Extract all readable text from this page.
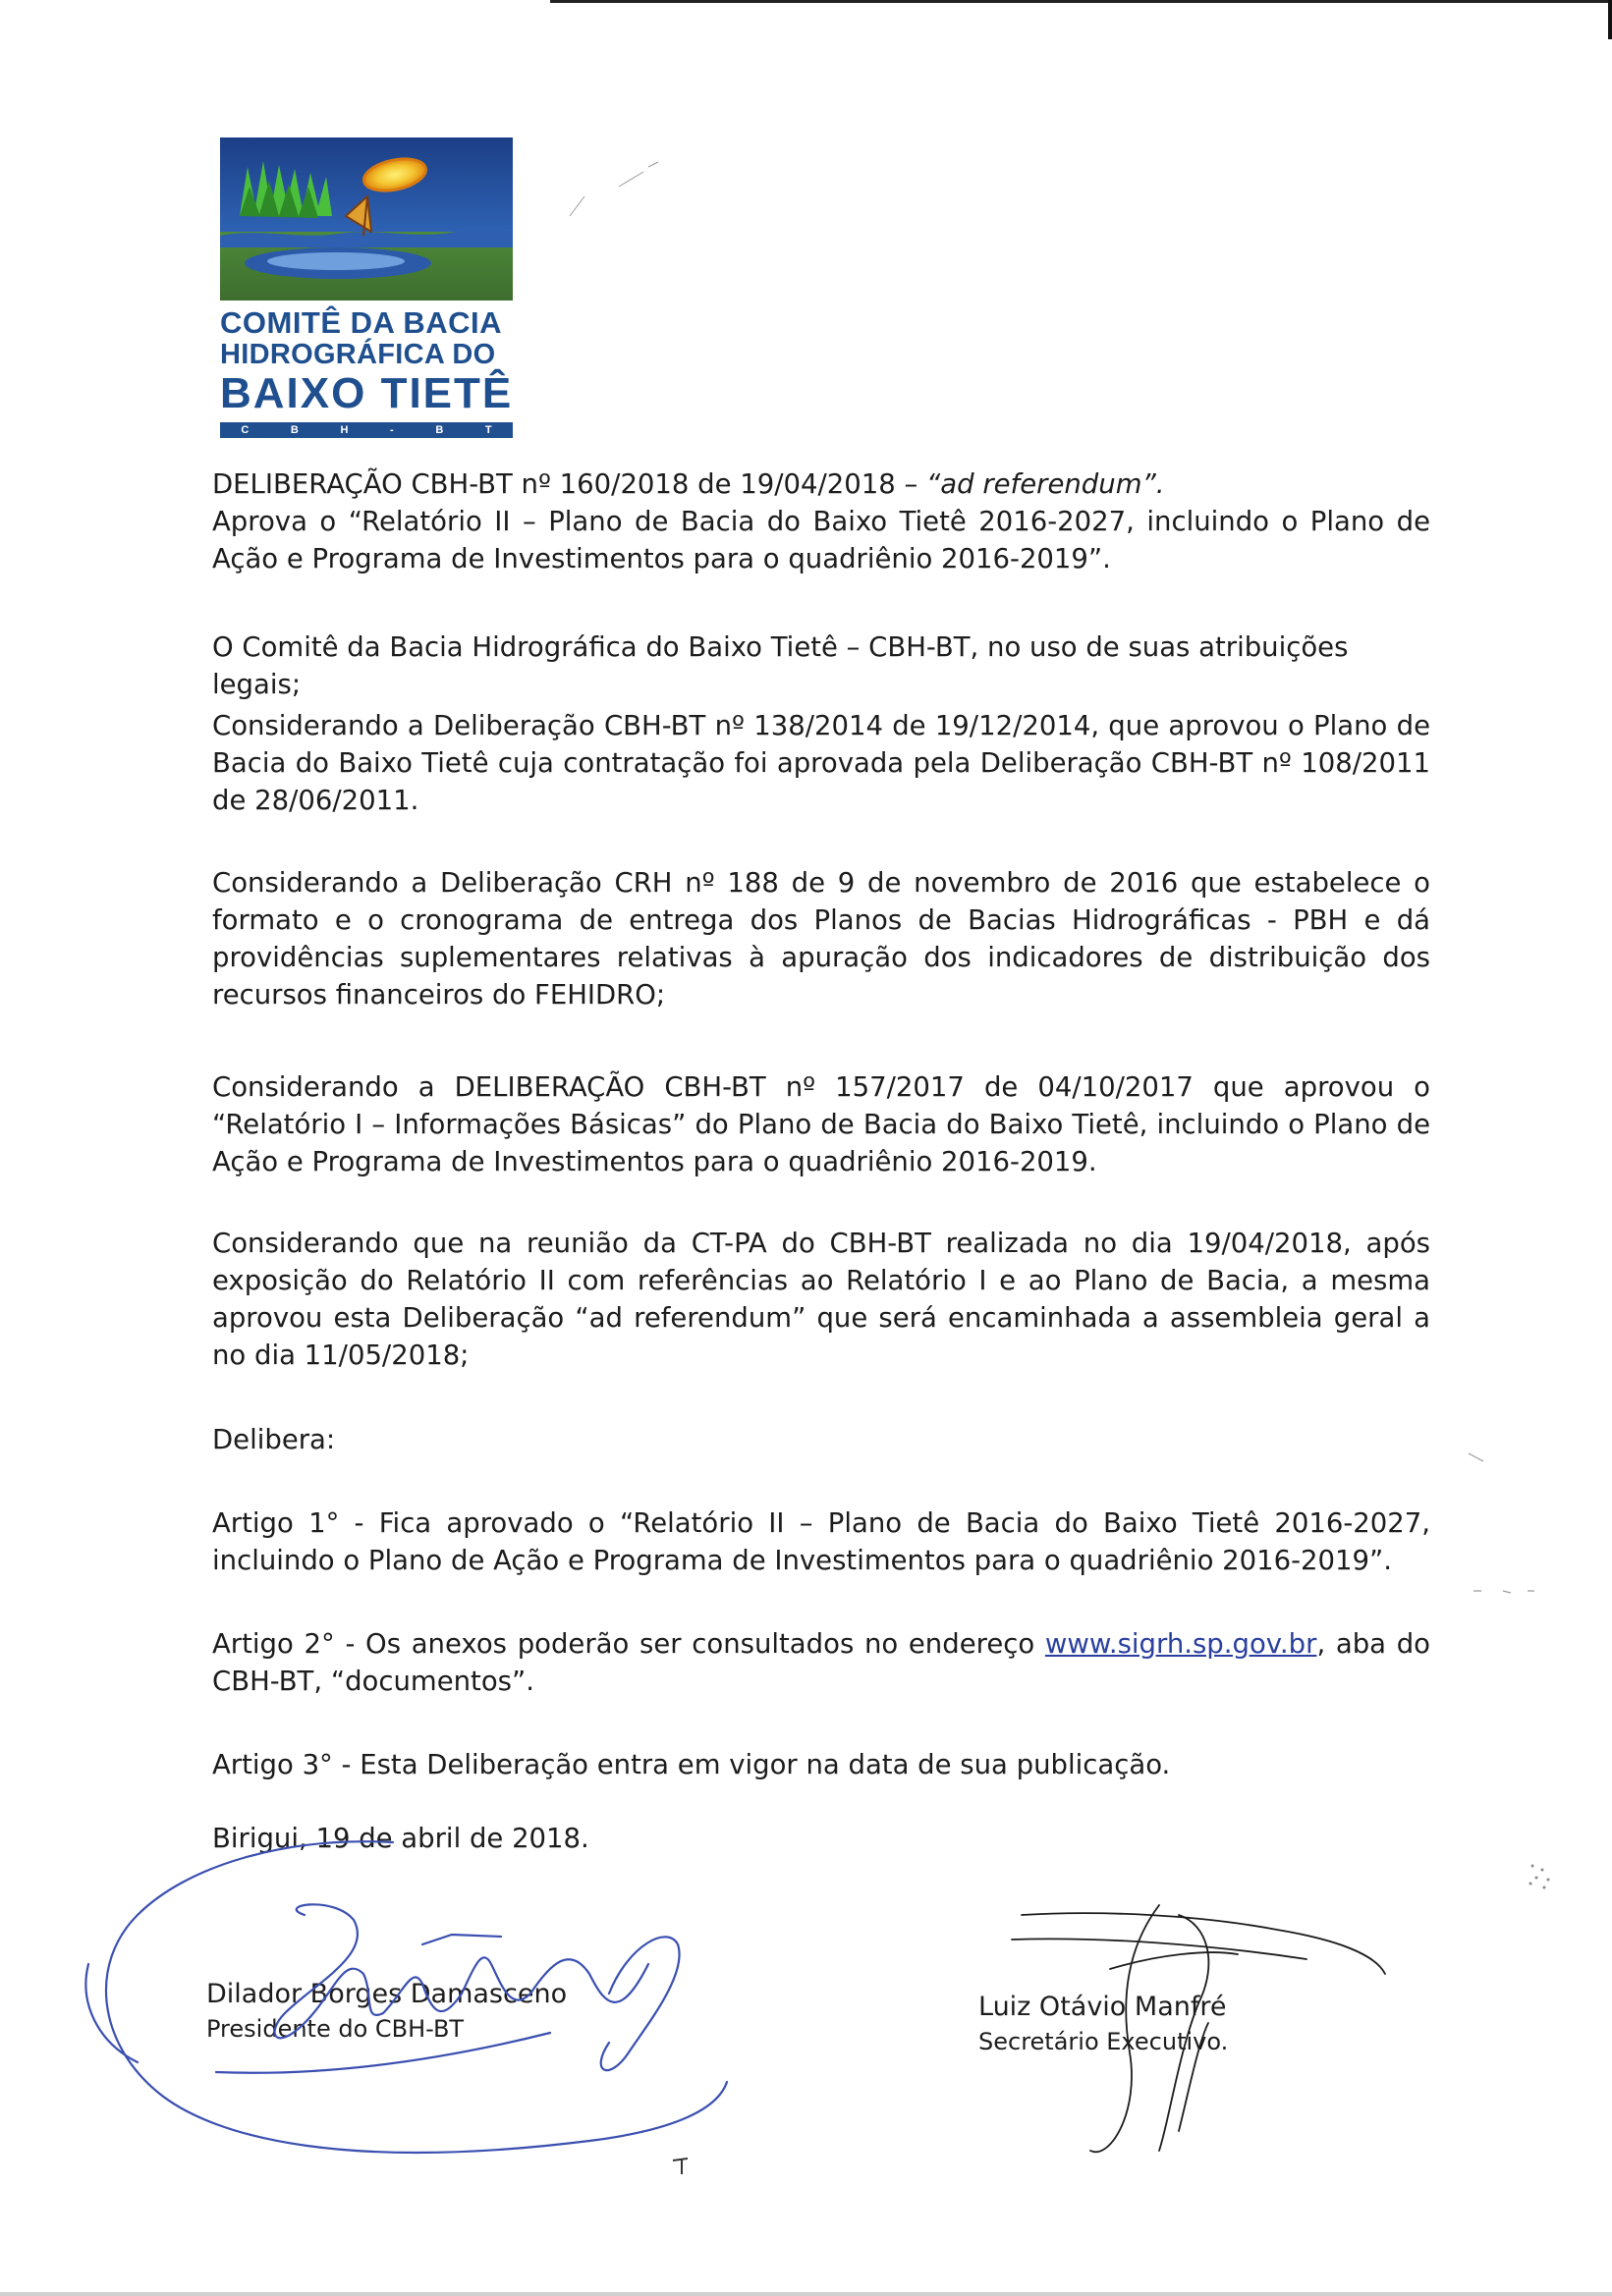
COMITÊ DA BACIA
HIDROGRÁFICA DO
BAIXO TIETÊ
C	B	H	-	B	T
DELIBERAÇÃO CBH-BT nº 160/2018 de 19/04/2018 – “ad referendum”.
Aprova o “Relatório II – Plano de Bacia do Baixo Tietê 2016-2027, incluindo o Plano de Ação e Programa de Investimentos para o quadriênio 2016-2019”.
O Comitê da Bacia Hidrográfica do Baixo Tietê – CBH-BT, no uso de suas atribuições legais;
Considerando a Deliberação CBH-BT nº 138/2014 de 19/12/2014, que aprovou o Plano de Bacia do Baixo Tietê cuja contratação foi aprovada pela Deliberação CBH-BT nº 108/2011 de 28/06/2011.
Considerando a Deliberação CRH nº 188 de 9 de novembro de 2016 que estabelece o formato e o cronograma de entrega dos Planos de Bacias Hidrográficas - PBH e dá providências suplementares relativas à apuração dos indicadores de distribuição dos recursos financeiros do FEHIDRO;
Considerando a DELIBERAÇÃO CBH-BT nº 157/2017 de 04/10/2017 que aprovou o “Relatório I – Informações Básicas” do Plano de Bacia do Baixo Tietê, incluindo o Plano de Ação e Programa de Investimentos para o quadriênio 2016-2019.
Considerando que na reunião da CT-PA do CBH-BT realizada no dia 19/04/2018, após exposição do Relatório II com referências ao Relatório I e ao Plano de Bacia, a mesma aprovou esta Deliberação “ad referendum” que será encaminhada a assembleia geral a no dia 11/05/2018;
Delibera:
Artigo 1° - Fica aprovado o “Relatório II – Plano de Bacia do Baixo Tietê 2016-2027, incluindo o Plano de Ação e Programa de Investimentos para o quadriênio 2016-2019”.
Artigo 2° - Os anexos poderão ser consultados no endereço www.sigrh.sp.gov.br, aba do CBH-BT, “documentos”.
Artigo 3° - Esta Deliberação entra em vigor na data de sua publicação.
Birigui, 19 de abril de 2018.
Dilador Borges Damasceno
Presidente do CBH-BT
Luiz Otávio Manfré
Secretário Executivo.
